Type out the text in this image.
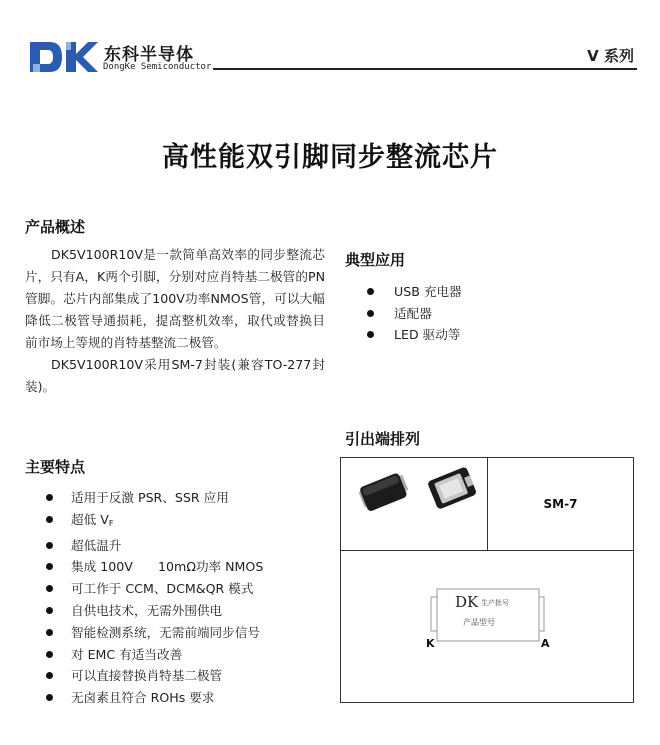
东科半导体
DongKe Semiconductor
V 系列
高性能双引脚同步整流芯片
产品概述

DK5V100R10V是一款简单高效率的同步整流芯片，只有A，K两个引脚，分别对应肖特基二极管的PN管脚。芯片内部集成了100V功率NMOS管，可以大幅降低二极管导通损耗，提高整机效率，取代或替换目前市场上等规的肖特基整流二极管。

DK5V100R10V采用SM-7封装(兼容TO-277封装)。

主要特点
适用于反激 PSR、SSR 应用
超低 $V_F$
超低温升
集成 100V　　10mΩ功率 NMOS
可工作于 CCM、DCM&QR 模式
自供电技术，无需外围供电
智能检测系统，无需前端同步信号
对 EMC 有适当改善
可以直接替换肖特基二极管
无卤素且符合 ROHs 要求
典型应用
USB 充电器
适配器
LED 驱动等
引出端排列
SM-7
DK 生产批号
产品型号
K	A
